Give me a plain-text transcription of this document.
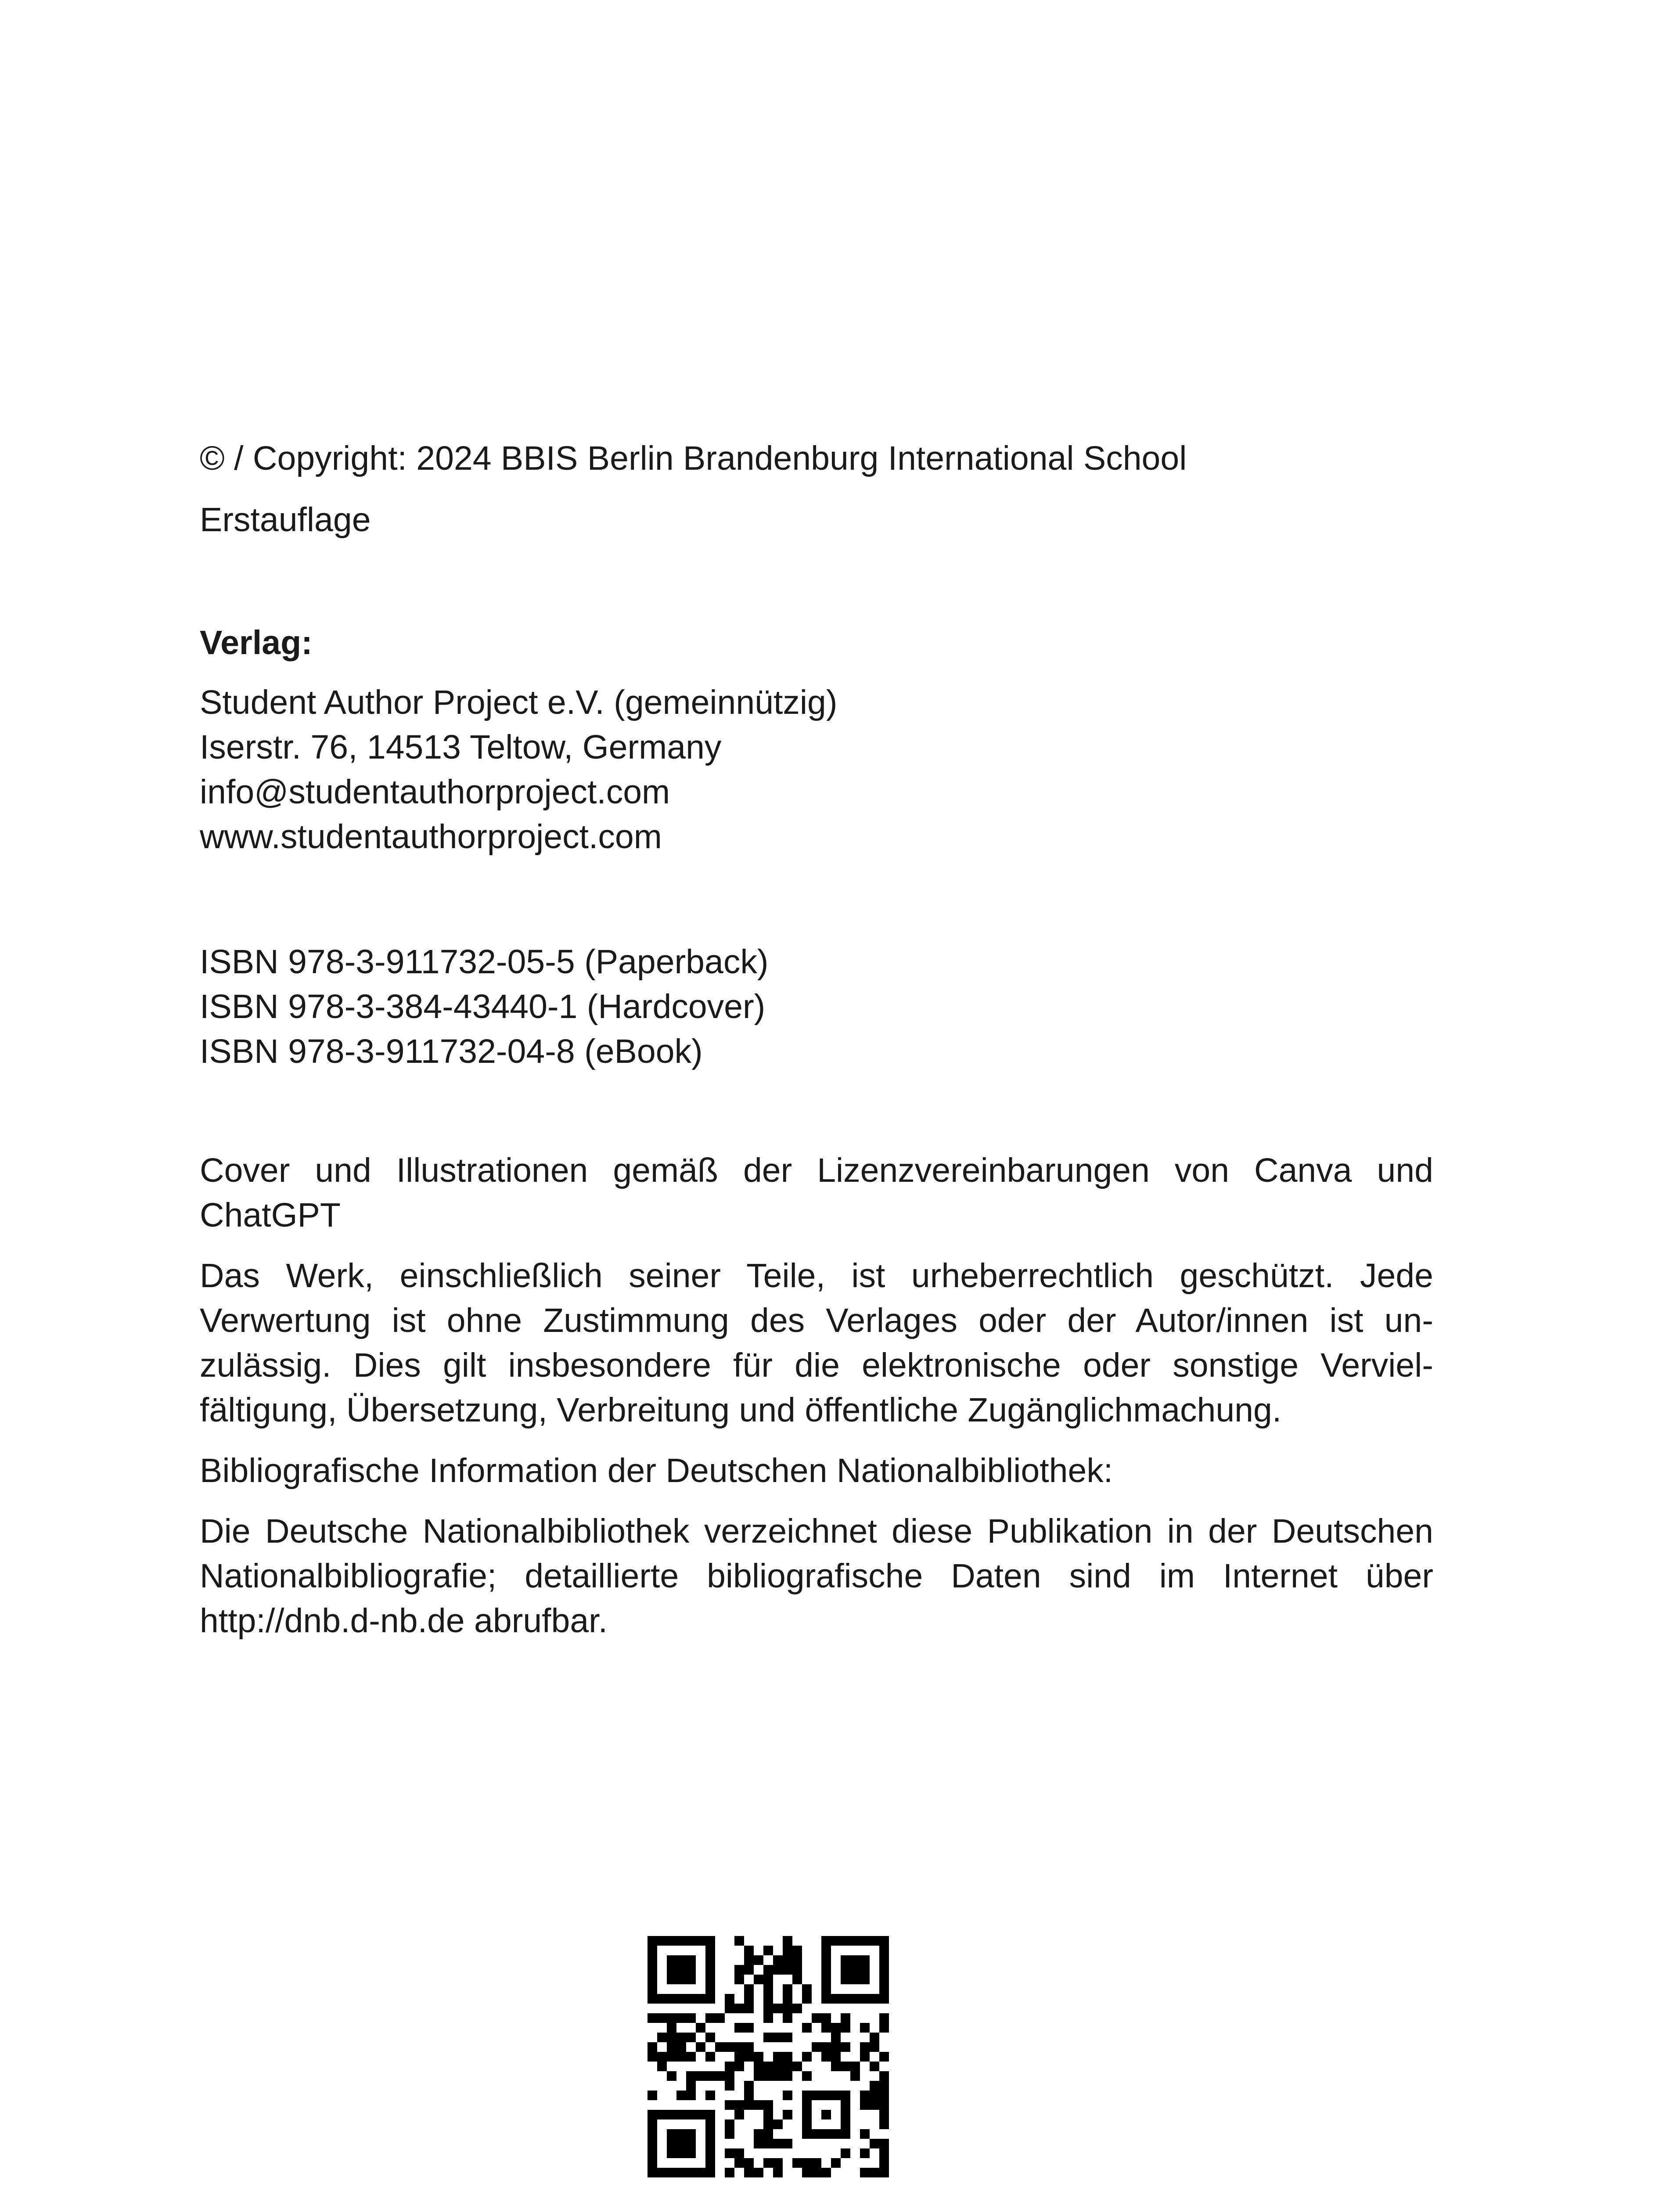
© / Copyright: 2024 BBIS Berlin Brandenburg International School
Erstauflage
Verlag:
Student Author Project e.V. (gemeinnützig)
Iserstr. 76, 14513 Teltow, Germany
info@studentauthorproject.com
www.studentauthorproject.com
ISBN 978-3-911732-05-5 (Paperback)
ISBN 978-3-384-43440-1 (Hardcover)
ISBN 978-3-911732-04-8 (eBook)
Cover und Illustrationen gemäß der Lizenzvereinbarungen von Canva und ChatGPT
Das Werk, einschließlich seiner Teile, ist urheberrechtlich geschützt. Jede Verwertung ist ohne Zustimmung des Verlages oder der Autor/innen ist unzulässig. Dies gilt insbesondere für die elektronische oder sonstige Vervielfältigung, Übersetzung, Verbreitung und öffentliche Zugänglichmachung.
Bibliografische Information der Deutschen Nationalbibliothek:
Die Deutsche Nationalbibliothek verzeichnet diese Publikation in der Deutschen Nationalbibliografie; detaillierte bibliografische Daten sind im Internet über http://dnb.d-nb.de abrufbar.
